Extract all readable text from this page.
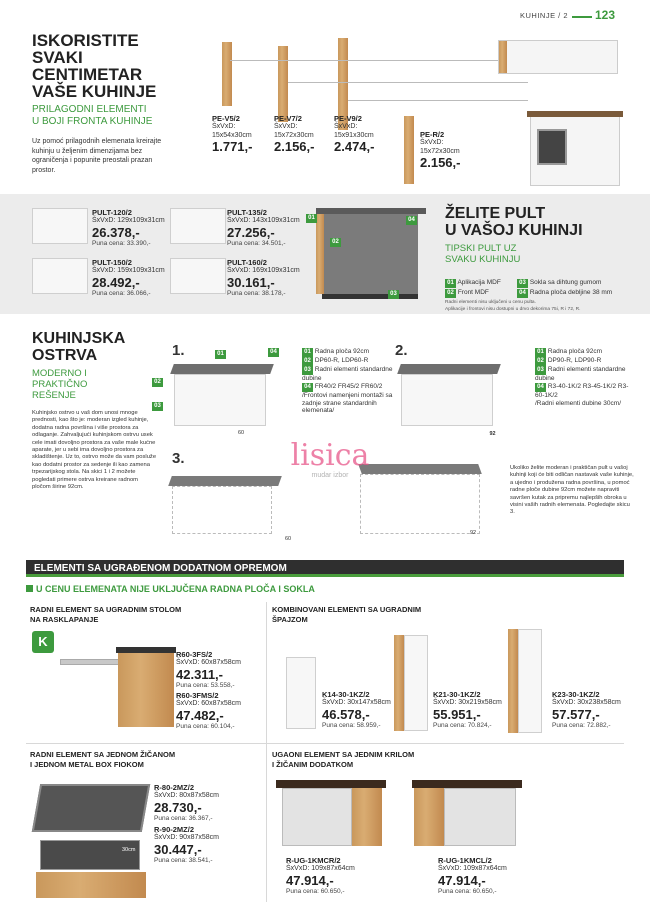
KUHINJE / 2 123
ISKORISTITE
SVAKI
CENTIMETAR
VAŠE KUHINJE
PRILAGODNI ELEMENTI
U BOJI FRONTA KUHINJE
Uz pomoć prilagodnih elemenata kreirajte kuhinju u željenim dimenzijama bez ograničenja i popunite preostali prazan prostor.
PE-V5/2
ŠxVxD:
15x54x30cm
1.771,-
PE-V7/2
ŠxVxD:
15x72x30cm
2.156,-
PE-V9/2
ŠxVxD:
15x91x30cm
2.474,-
PE-R/2
ŠxVxD:
15x72x30cm
2.156,-
PULT-120/2
ŠxVxD: 129x109x31cm
26.378,-
Puna cena: 33.390,-
PULT-135/2
ŠxVxD: 143x109x31cm
27.256,-
Puna cena: 34.501,-
PULT-150/2
ŠxVxD: 159x109x31cm
28.492,-
Puna cena: 36.066,-
PULT-160/2
ŠxVxD: 169x109x31cm
30.161,-
Puna cena: 38.178,-
01
02
03
04 ŽELITE PULT
U VAŠOJ KUHINJI
TIPSKI PULT UZ
SVAKU KUHINJU
01 Aplikacija MDF
02 Front MDF
03 Sokla sa dihtung gumom
04 Radna ploča debljine 38 mm
Radni elementi nisu uključeni u cenu pulta.
Aplikacije i frontovi nisu dostupni u drvo dekorima 75i, R i 72, R.
KUHINJSKA
OSTRVA
MODERNO I
PRAKTIČNO
REŠENJE
Kuhinjsko ostrvo u vaš dom unosi mnoge prednosti, kao što je: moderan izgled kuhinje, dodatna radna površina i više prostora za odlaganje. Zahvaljujući kuhinjskom ostrvu usek cele imati dovoljno prostora za vaše male kućne aparate, jer u sebi ima dovoljno prostora za skladištenje. Uz to, ostrvo može da vam posluže kao dodatni prostor za sedenje ili kao zamena trpezarijskog stola. Na skici 1 i 2 možete pogledati primere ostrva kreirane radnom pločom širine 92cm.
1.	01	04
02
03
60
01 Radna ploča 92cm
02 DP60-R, LDP60-R
03 Radni elementi standardne dubine
04 FR40/2 FR45/2 FR60/2
/Frontovi namenjeni montaži sa zadnje strane standardnih elemenata/
2.
92
01 Radna ploča 92cm
02 DP90-R, LDP90-R
03 Radni elementi standardne dubine
04 R3-40-1K/2 R3-45-1K/2 R3-60-1K/2
/Radni elementi dubine 30cm/
3.
60
92
Ukoliko želite moderan i praktičan pult u vašoj kuhinji koji će biti odličan nastavak vaše kuhinje, a ujedno i produžena radna površina, u pomoć radne ploče dubine 92cm možete napraviti savršen kutak za pripremu najlepših obroka u visini vaših radnih elemenata. Pogledajte skicu 3.
lisica
mudar izbor
ELEMENTI SA UGRAĐENOM DODATNOM OPREMOM
U CENU ELEMENATA NIJE UKLJUČENA RADNA PLOČA I SOKLA
RADNI ELEMENT SA UGRADNIM STOLOM
NA RASKLAPANJE
K
R60-3FS/2
ŠxVxD: 60x87x58cm
42.311,-
Puna cena: 53.558,-
R60-3FMS/2
ŠxVxD: 60x87x58cm
47.482,-
Puna cena: 60.104,-
KOMBINOVANI ELEMENTI SA UGRADNIM
ŠPAJZOM
K14-30-1KZ/2
ŠxVxD: 30x147x58cm
46.578,-
Puna cena: 58.959,-
K21-30-1KZ/2
ŠxVxD: 30x219x58cm
55.951,-
Puna cena: 70.824,-
K23-30-1KZ/2
ŠxVxD: 30x238x58cm
57.577,-
Puna cena: 72.882,-
RADNI ELEMENT SA JEDNOM ŽIČANOM
I JEDNOM METAL BOX FIOKOM
30cm
R-80-2MZ/2
ŠxVxD: 80x87x58cm
28.730,-
Puna cena: 36.367,-
R-90-2MZ/2
ŠxVxD: 90x87x58cm
30.447,-
Puna cena: 38.541,-
UGAONI ELEMENT SA JEDNIM KRILOM
I ŽIČANIM DODATKOM
R-UG-1KMCR/2
ŠxVxD: 109x87x64cm
47.914,-
Puna cena: 60.650,-
R-UG-1KMCL/2
ŠxVxD: 109x87x64cm
47.914,-
Puna cena: 60.650,-
